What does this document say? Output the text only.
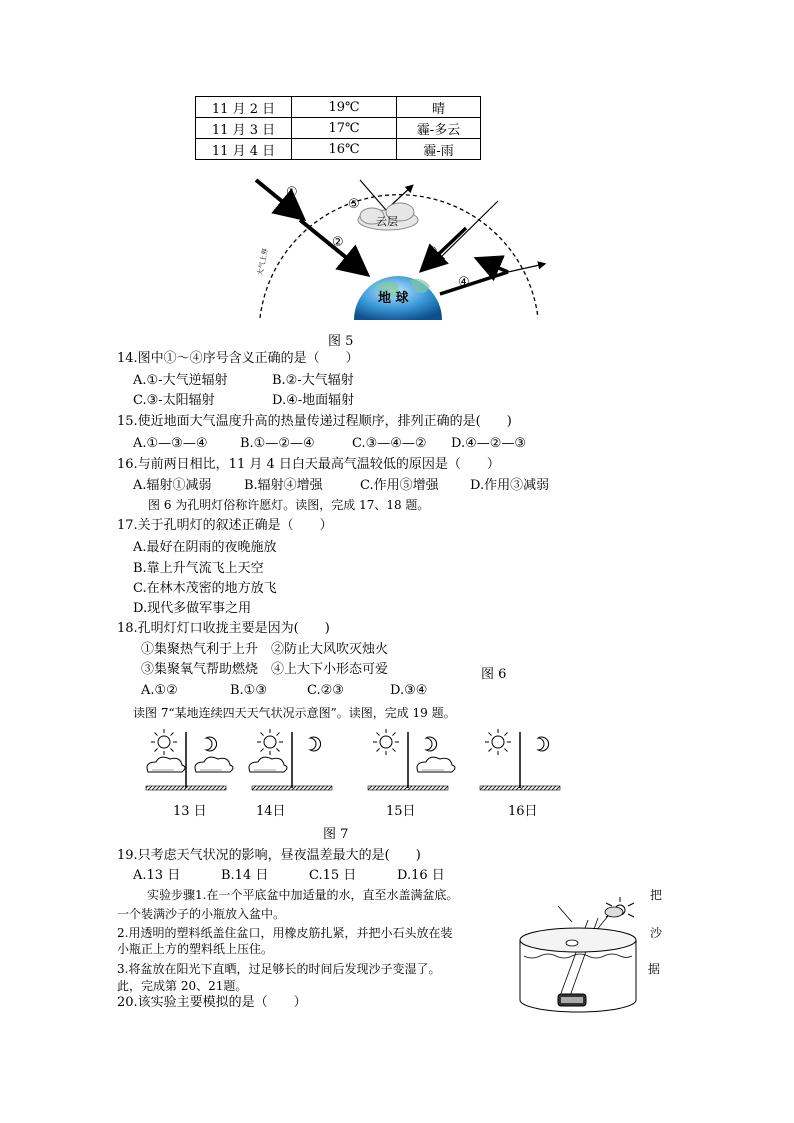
11 月 2 日	19℃	晴
11 月 3 日	17℃	霾-多云
11 月 4 日	16℃	霾-雨
①
②
③
④
⑤
云层
地 球
大气上界
图 5
14.图中①～④序号含义正确的是（　　）
A.①-大气逆辐射	B.②-大气辐射
C.③-太阳辐射	D.④-地面辐射
15.使近地面大气温度升高的热量传递过程顺序，排列正确的是(　　)
A.①—③—④	B.①—②—④	C.③—④—② D.④—②—③
16.与前两日相比，11 月 4 日白天最高气温较低的原因是（　　）
A.辐射①减弱 B.辐射④增强	C.作用⑤增强 D.作用③减弱
图 6 为孔明灯俗称许愿灯。读图，完成 17、18 题。
17.关于孔明灯的叙述正确是（　　）
A.最好在阴雨的夜晚施放
B.靠上升气流飞上天空
C.在林木茂密的地方放飞
D.现代多做军事之用
18.孔明灯灯口收拢主要是因为(　　)
①集聚热气利于上升　②防止大风吹灭烛火
③集聚氧气帮助燃烧　④上大下小形态可爱	图 6
A.①②	B.①③	C.②③	D.③④
读图 7“某地连续四天天气状况示意图”。读图，完成 19 题。
13 日	14日	15日	16日
图 7
19.只考虑天气状况的影响，昼夜温差最大的是(　　)
A.13 日	B.14 日	C.15 日	D.16 日
实验步骤1.在一个平底盆中加适量的水，直至水盖满盆底。	把
一个装满沙子的小瓶放入盆中。
2.用透明的塑料纸盖住盆口，用橡皮筋扎紧，并把小石头放在装	沙
小瓶正上方的塑料纸上压住。
3.将盆放在阳光下直晒，过足够长的时间后发现沙子变湿了。	据
此，完成第 20、21题。
20.该实验主要模拟的是（　　）
